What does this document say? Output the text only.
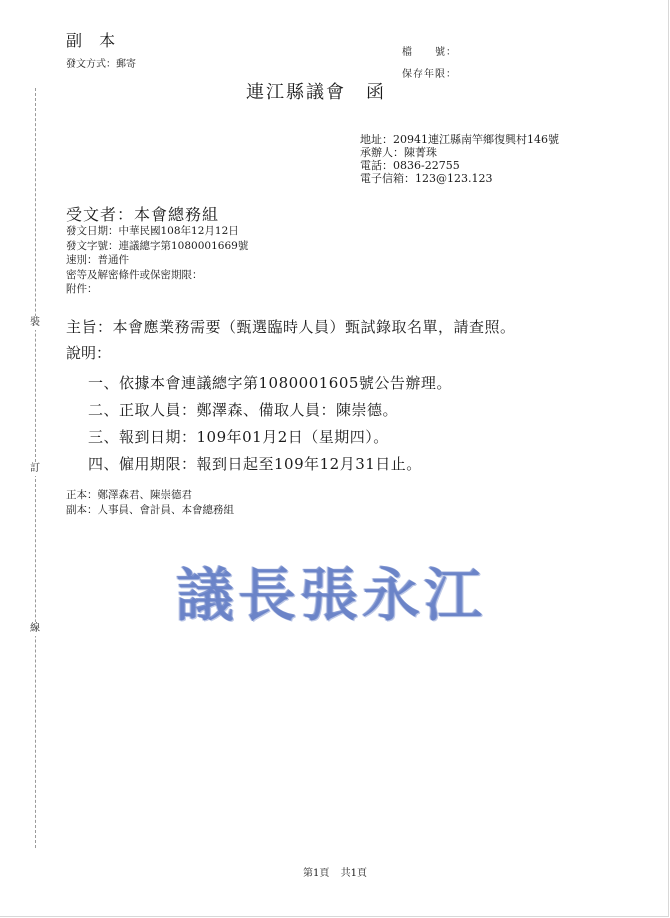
裝
訂
線
副 本
發文方式：郵寄
檔　　號：
保存年限：
連江縣議會　函
地址：20941連江縣南竿鄉復興村146號
承辦人：陳菁珠
電話：0836-22755
電子信箱：123@123.123
受文者：本會總務組
發文日期：中華民國108年12月12日
發文字號：連議總字第1080001669號
速別：普通件
密等及解密條件或保密期限：
附件：
主旨：本會應業務需要（甄選臨時人員）甄試錄取名單，請查照。
說明：
一、依據本會連議總字第1080001605號公告辦理。
二、正取人員：鄭澤森、備取人員：陳崇德。
三、報到日期：109年01月2日（星期四）。
四、僱用期限：報到日起至109年12月31日止。
正本：鄭澤森君、陳崇德君
副本：人事員、會計員、本會總務組
議長張永江
第1頁 共1頁
